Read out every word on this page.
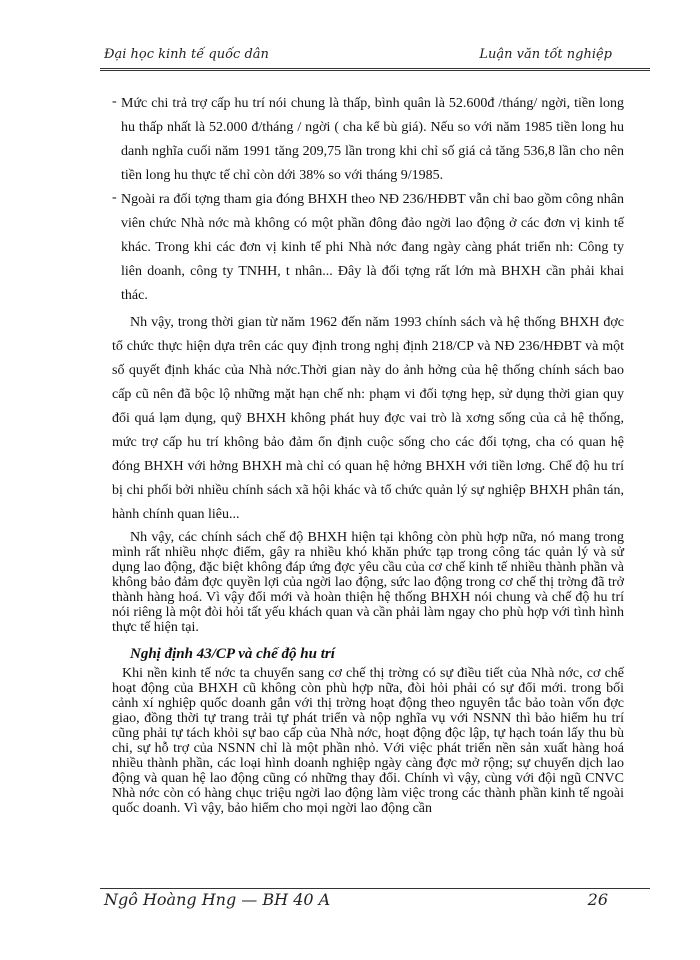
Đại học kinh tế quốc dân	Luận văn tốt nghiệp
- Mức chi trả trợ cấp hu trí nói chung là thấp, bình quân là 52.600đ /tháng/ ngời, tiền long hu thấp nhất là 52.000 đ/tháng / ngời ( cha kể bù giá). Nếu so với năm 1985 tiền long hu danh nghĩa cuối năm 1991 tăng 209,75 lần trong khi chỉ số giá cả tăng 536,8 lần cho nên tiền long hu thực tế chỉ còn dới 38% so với tháng 9/1985.
- Ngoài ra đối tợng tham gia đóng BHXH theo NĐ 236/HĐBT vẫn chỉ bao gồm công nhân viên chức Nhà nớc mà không có một phần đông đảo ngời lao động ở các đơn vị kinh tế khác. Trong khi các đơn vị kinh tế phi Nhà nớc đang ngày càng phát triển nh: Công ty liên doanh, công ty TNHH, t nhân... Đây là đối tợng rất lớn mà BHXH cần phải khai thác.
Nh vậy, trong thời gian từ năm 1962 đến năm 1993 chính sách và hệ thống BHXH đợc tổ chức thực hiện dựa trên các quy định trong nghị định 218/CP và NĐ 236/HĐBT và một số quyết định khác của Nhà nớc.Thời gian này do ảnh hởng của hệ thống chính sách bao cấp cũ nên đã bộc lộ những mặt hạn chế nh: phạm vi đối tợng hẹp, sử dụng thời gian quy đổi quá lạm dụng, quỹ BHXH không phát huy đợc vai trò là xơng sống của cả hệ thống, mức trợ cấp hu trí không bảo đảm ổn định cuộc sống cho các đối tợng, cha có quan hệ đóng BHXH với hởng BHXH mà chỉ có quan hệ hởng BHXH với tiền lơng. Chế độ hu trí bị chi phối bởi nhiều chính sách xã hội khác và tổ chức quản lý sự nghiệp BHXH phân tán, hành chính quan liêu...
Nh vậy, các chính sách chế độ BHXH hiện tại không còn phù hợp nữa, nó mang trong mình rất nhiều nhợc điểm, gây ra nhiều khó khăn phức tạp trong công tác quản lý và sử dụng lao động, đặc biệt không đáp ứng đợc yêu cầu của cơ chế kinh tế nhiều thành phần và không bảo đảm đợc quyền lợi của ngời lao động, sức lao động trong cơ chế thị trờng đã trở thành hàng hoá. Vì vậy đổi mới và hoàn thiện hệ thống BHXH nói chung và chế độ hu trí nói riêng là một đòi hỏi tất yếu khách quan và cần phải làm ngay cho phù hợp với tình hình thực tế hiện tại.
Nghị định 43/CP và chế độ hu trí
Khi nền kinh tế nớc ta chuyển sang cơ chế thị trờng có sự điều tiết của Nhà nớc, cơ chế hoạt động của BHXH cũ không còn phù hợp nữa, đòi hỏi phải có sự đổi mới. trong bối cảnh xí nghiệp quốc doanh gắn với thị trờng hoạt động theo nguyên tắc bảo toàn vốn đợc giao, đồng thời tự trang trải tự phát triển và nộp nghĩa vụ với NSNN thì bảo hiểm hu trí cũng phải tự tách khỏi sự bao cấp của Nhà nớc, hoạt động độc lập, tự hạch toán lấy thu bù chi, sự hỗ trợ của NSNN chỉ là một phần nhỏ. Với việc phát triển nền sản xuất hàng hoá nhiều thành phần, các loại hình doanh nghiệp ngày càng đợc mở rộng; sự chuyển dịch lao động và quan hệ lao động cũng có những thay đổi. Chính vì vậy, cùng với đội ngũ CNVC Nhà nớc còn có hàng chục triệu ngời lao động làm việc trong các thành phần kinh tế ngoài quốc doanh. Vì vậy, bảo hiểm cho mọi ngời lao động cần
Ngô Hoàng Hng — BH 40 A	26
